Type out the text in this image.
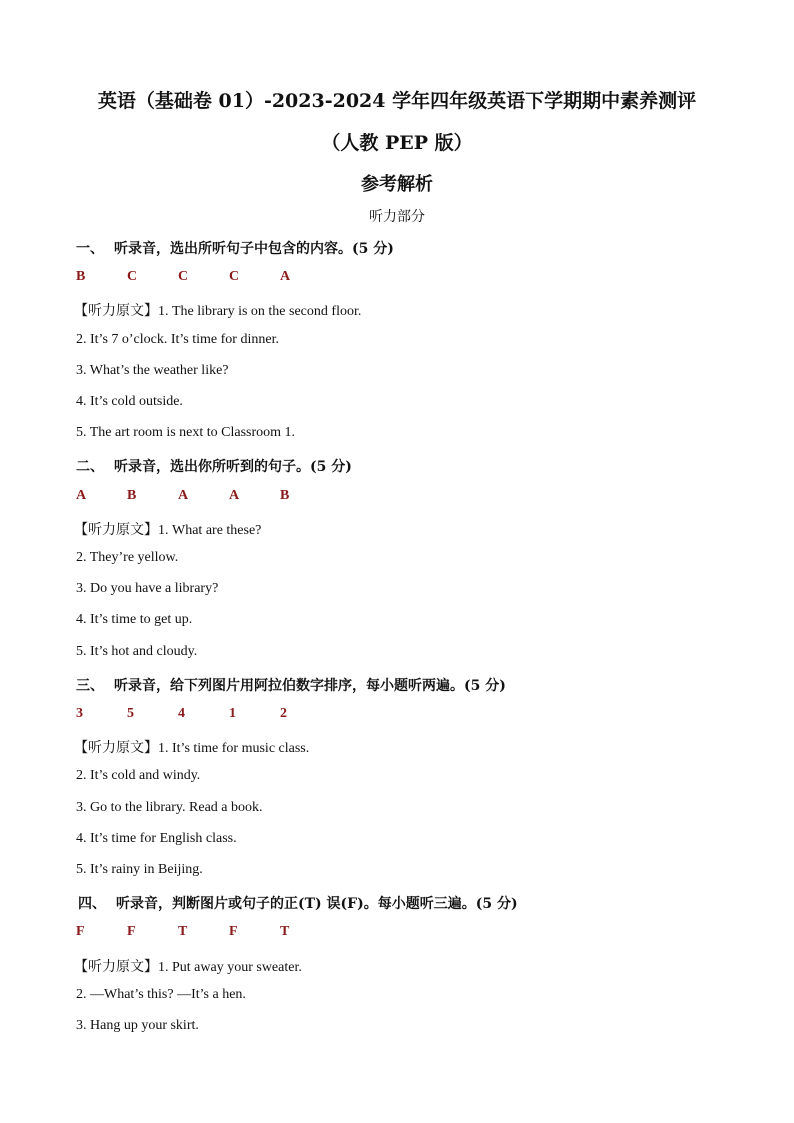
英语（基础卷 01）-2023-2024 学年四年级英语下学期期中素养测评
（人教 PEP 版）
参考解析
听力部分
一、 听录音，选出所听句子中包含的内容。(5 分)
B	C	C	C	A
【听力原文】1. The library is on the second floor.
2. It’s 7 o’clock. It’s time for dinner.
3. What’s the weather like?
4. It’s cold outside.
5. The art room is next to Classroom 1.
二、 听录音，选出你所听到的句子。(5 分)
A	B	A	A	B
【听力原文】1. What are these?
2. They’re yellow.
3. Do you have a library?
4. It’s time to get up.
5. It’s hot and cloudy.
三、 听录音，给下列图片用阿拉伯数字排序，每小题听两遍。(5 分)
3	5	4	1	2
【听力原文】1. It’s time for music class.
2. It’s cold and windy.
3. Go to the library. Read a book.
4. It’s time for English class.
5. It’s rainy in Beijing.
四、 听录音，判断图片或句子的正(T) 误(F)。每小题听三遍。(5 分)
F	F	T	F	T
【听力原文】1. Put away your sweater.
2. —What’s this? —It’s a hen.
3. Hang up your skirt.
